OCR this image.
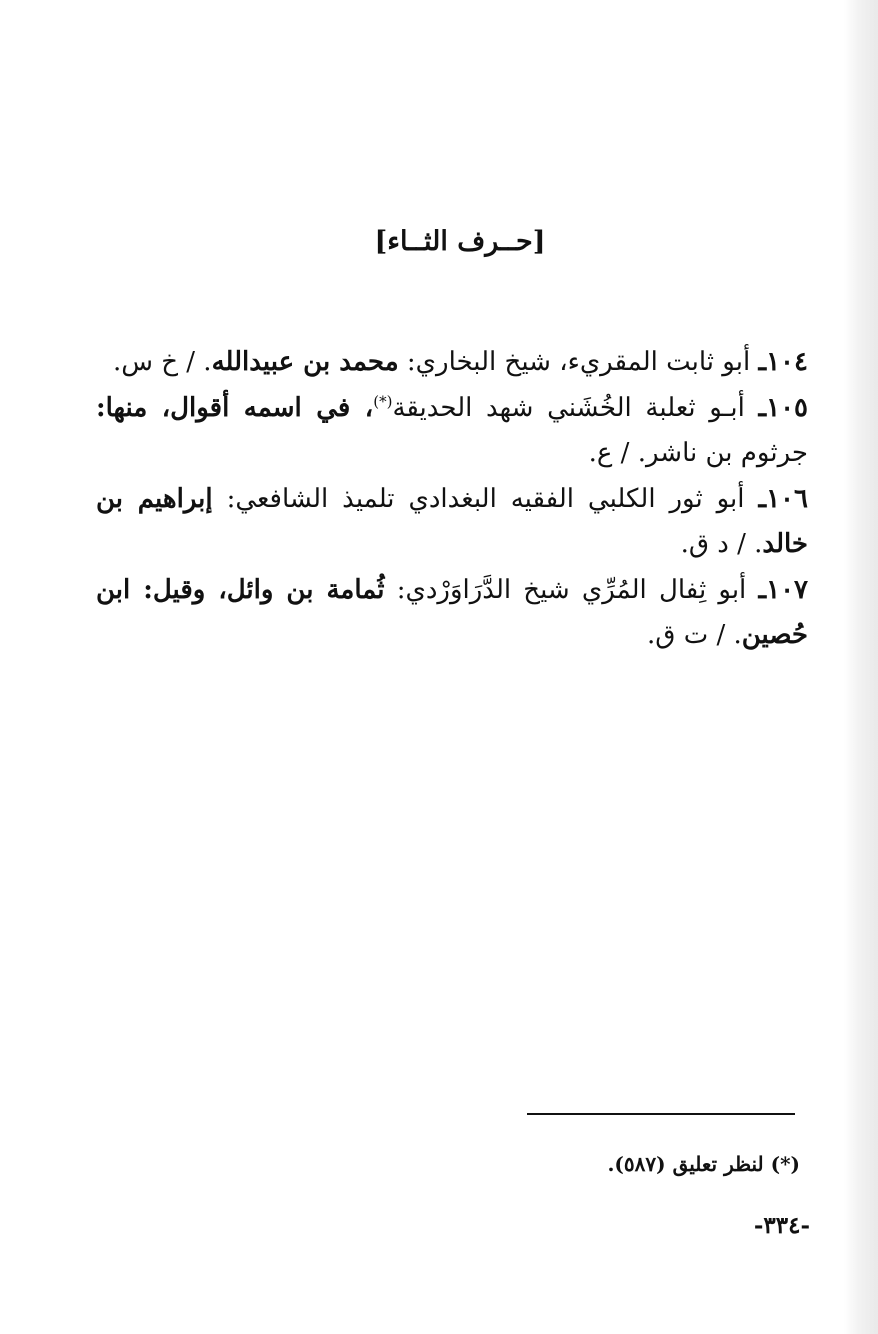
[حــرف الثــاء]

١٠٤ـ أبو ثابت المقريء، شيخ البخاري: محمد بن عبيدالله. / خ س.

١٠٥ـ أبـو ثعلبة الخُشَني شهد الحديقة(*)، في اسمه أقوال، منها: جرثوم بن ناشر. / ع.

١٠٦ـ أبو ثور الكلبي الفقيه البغدادي تلميذ الشافعي: إبراهيم بن خالد. / د ق.

١٠٧ـ أبو ثِفال المُرِّي شيخ الدَّرَاوَرْدي: ثُمامة بن وائل، وقيل: ابن حُصين. / ت ق.

(*) لنظر تعليق (٥٨٧).
-٣٣٤-
